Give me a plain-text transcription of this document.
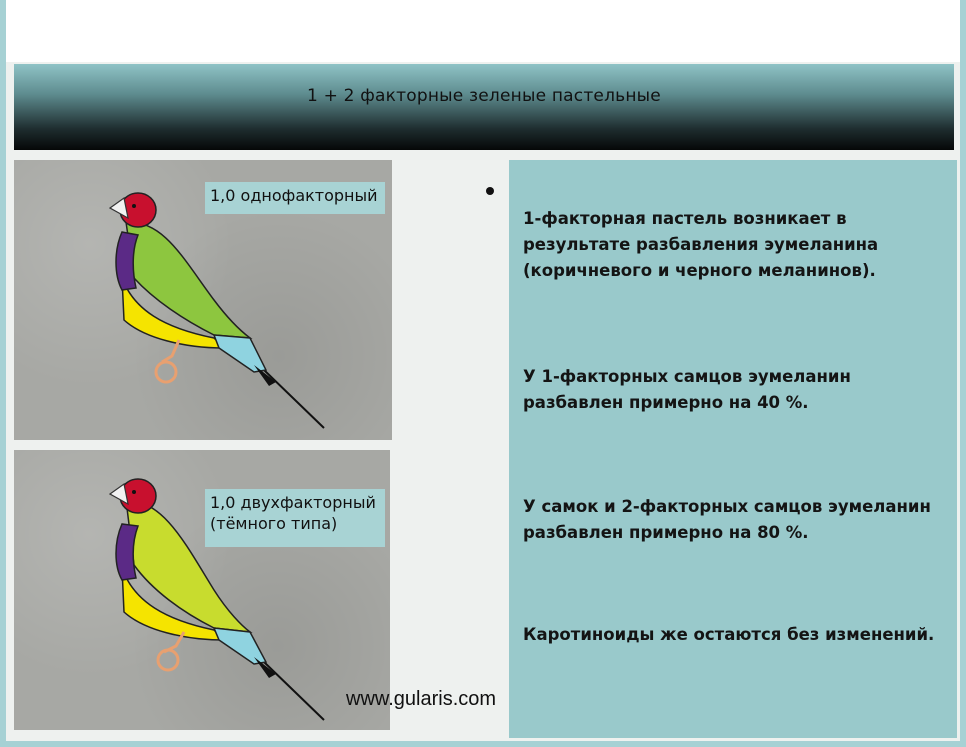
1 + 2 факторные зеленые пастельные
1,0 однофакторный
1,0 двухфакторный
(тёмного типа)

1-факторная пастель возникает в результате разбавления эумеланина (коричневого и черного меланинов).

У 1-факторных самцов эумеланин разбавлен примерно на 40 %.

У самок и 2-факторных самцов эумеланин разбавлен примерно на 80 %.

Каротиноиды же остаются без изменений.

www.gularis.com
